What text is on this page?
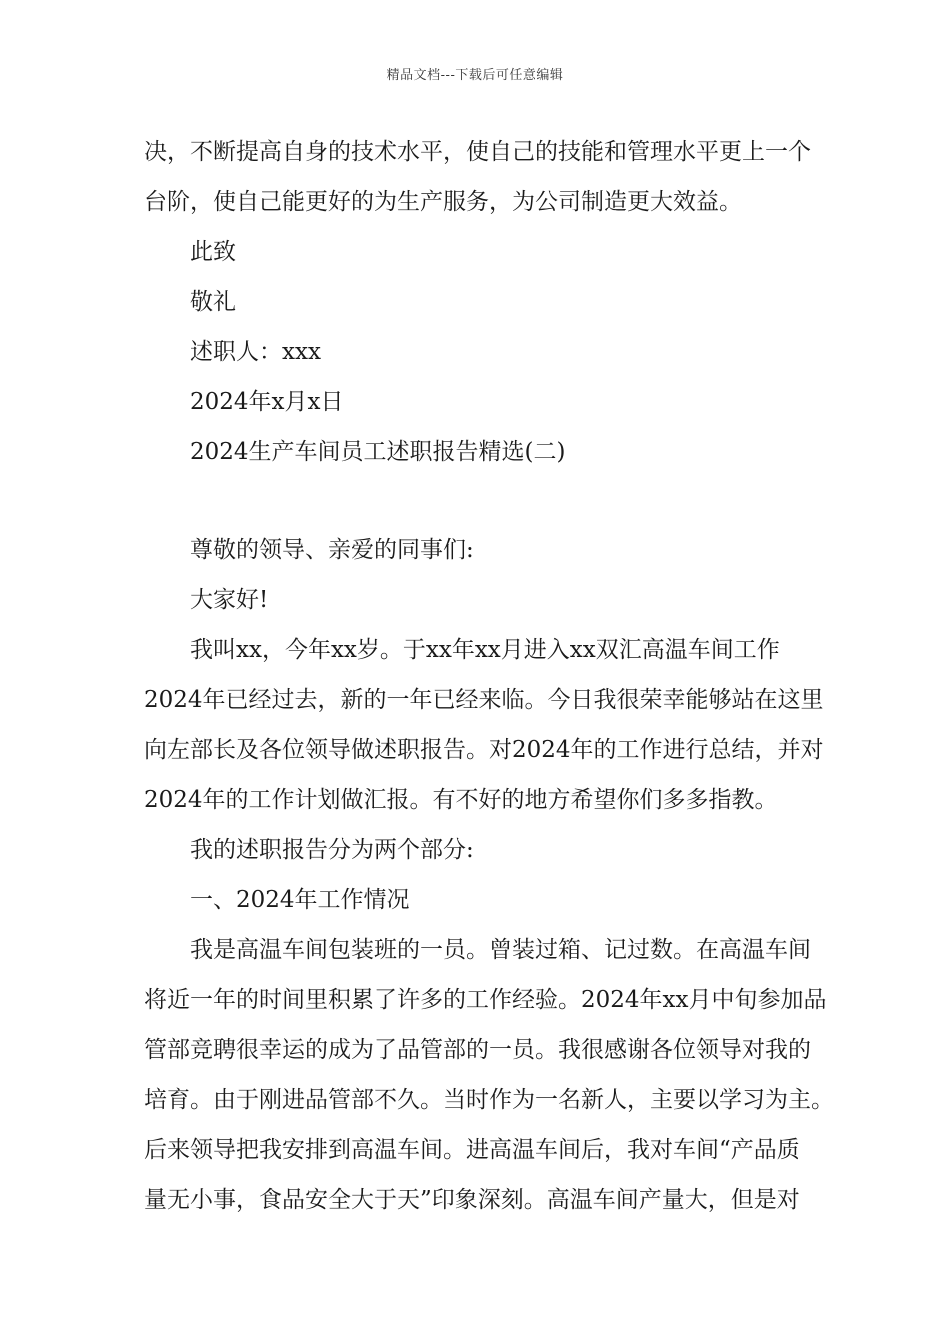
精品文档---下载后可任意编辑

决，不断提高自身的技术水平，使自己的技能和管理水平更上一个

台阶，使自己能更好的为生产服务，为公司制造更大效益。

此致

敬礼

述职人：xxx

2024年x月x日

2024生产车间员工述职报告精选(二)

尊敬的领导、亲爱的同事们:

大家好!

我叫xx，今年xx岁。于xx年xx月进入xx双汇高温车间工作

2024年已经过去，新的一年已经来临。今日我很荣幸能够站在这里

向左部长及各位领导做述职报告。对2024年的工作进行总结，并对

2024年的工作计划做汇报。有不好的地方希望你们多多指教。

我的述职报告分为两个部分:

一、2024年工作情况

我是高温车间包装班的一员。曾装过箱、记过数。在高温车间

将近一年的时间里积累了许多的工作经验。2024年xx月中旬参加品

管部竞聘很幸运的成为了品管部的一员。我很感谢各位领导对我的

培育。由于刚进品管部不久。当时作为一名新人，主要以学习为主。

后来领导把我安排到高温车间。进高温车间后，我对车间“产品质

量无小事，食品安全大于天”印象深刻。高温车间产量大，但是对
